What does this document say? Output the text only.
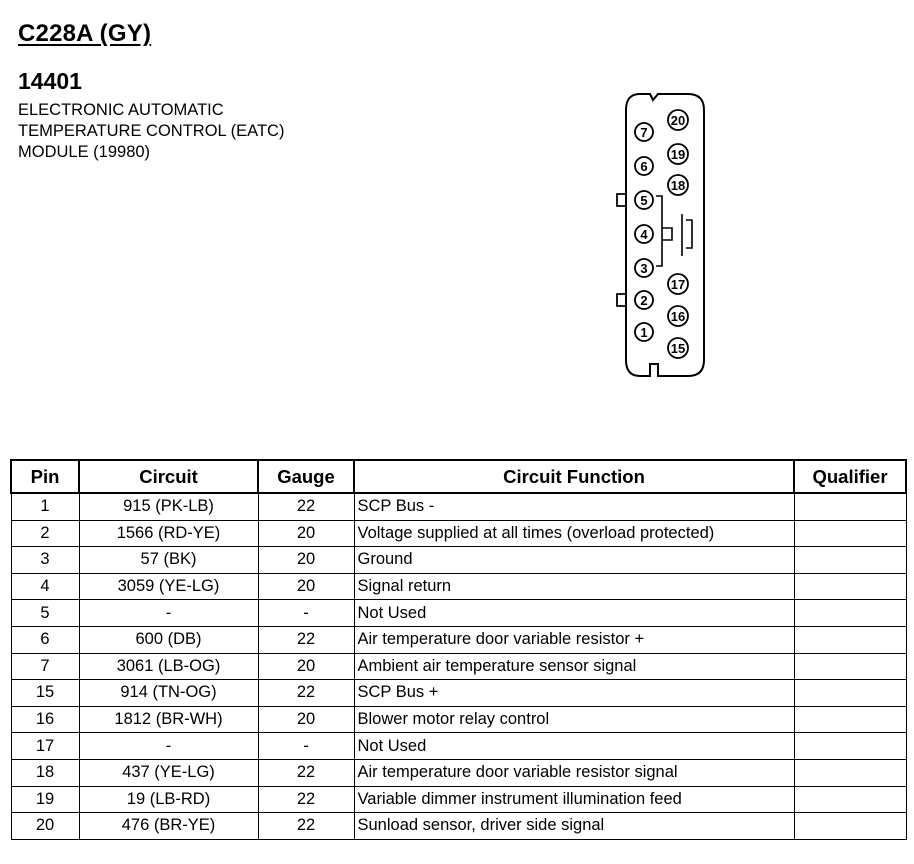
C228A (GY)
14401
ELECTRONIC AUTOMATIC
TEMPERATURE CONTROL (EATC)
MODULE (19980)
7
6
5
4
3
2
1
20
19
18
17
16
15
Pin	Circuit	Gauge	Circuit Function	Qualifier
1	915 (PK-LB)	22	SCP Bus -	
2	1566 (RD-YE)	20	Voltage supplied at all times (overload protected)	
3	57 (BK)	20	Ground	
4	3059 (YE-LG)	20	Signal return	
5	-	-	Not Used	
6	600 (DB)	22	Air temperature door variable resistor +	
7	3061 (LB-OG)	20	Ambient air temperature sensor signal	
15	914 (TN-OG)	22	SCP Bus +	
16	1812 (BR-WH)	20	Blower motor relay control	
17	-	-	Not Used	
18	437 (YE-LG)	22	Air temperature door variable resistor signal	
19	19 (LB-RD)	22	Variable dimmer instrument illumination feed	
20	476 (BR-YE)	22	Sunload sensor, driver side signal	
